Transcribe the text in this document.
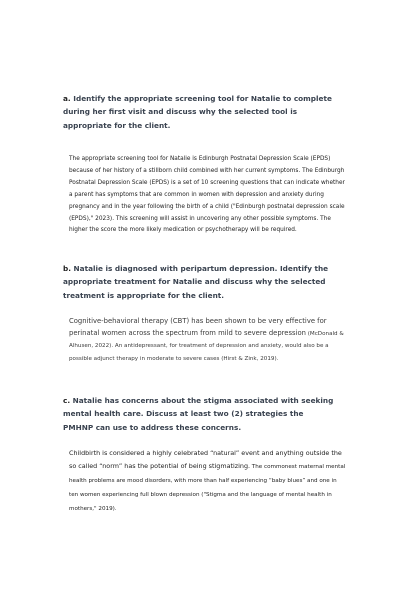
a. Identify the appropriate screening tool for Natalie to complete during her first visit and discuss why the selected tool is appropriate for the client.
The appropriate screening tool for Natalie is Edinburgh Postnatal Depression Scale (EPDS) because of her history of a stillborn child combined with her current symptoms. The Edinburgh Postnatal Depression Scale (EPDS) is a set of 10 screening questions that can indicate whether a parent has symptoms that are common in women with depression and anxiety during pregnancy and in the year following the birth of a child ("Edinburgh postnatal depression scale (EPDS)," 2023). This screening will assist in uncovering any other possible symptoms. The higher the score the more likely medication or psychotherapy will be required.
b. Natalie is diagnosed with peripartum depression. Identify the appropriate treatment for Natalie and discuss why the selected treatment is appropriate for the client.
Cognitive-behavioral therapy (CBT) has been shown to be very effective for perinatal women across the spectrum from mild to severe depression (McDonald & Alhusen, 2022). An antidepressant, for treatment of depression and anxiety, would also be a possible adjunct therapy in moderate to severe cases (Hirst & Zink, 2019).
c. Natalie has concerns about the stigma associated with seeking mental health care. Discuss at least two (2) strategies the PMHNP can use to address these concerns.
Childbirth is considered a highly celebrated “natural” event and anything outside the so called “norm” has the potential of being stigmatizing. The commonest maternal mental health problems are mood disorders, with more than half experiencing “baby blues” and one in ten women experiencing full blown depression ("Stigma and the language of mental health in mothers," 2019).
